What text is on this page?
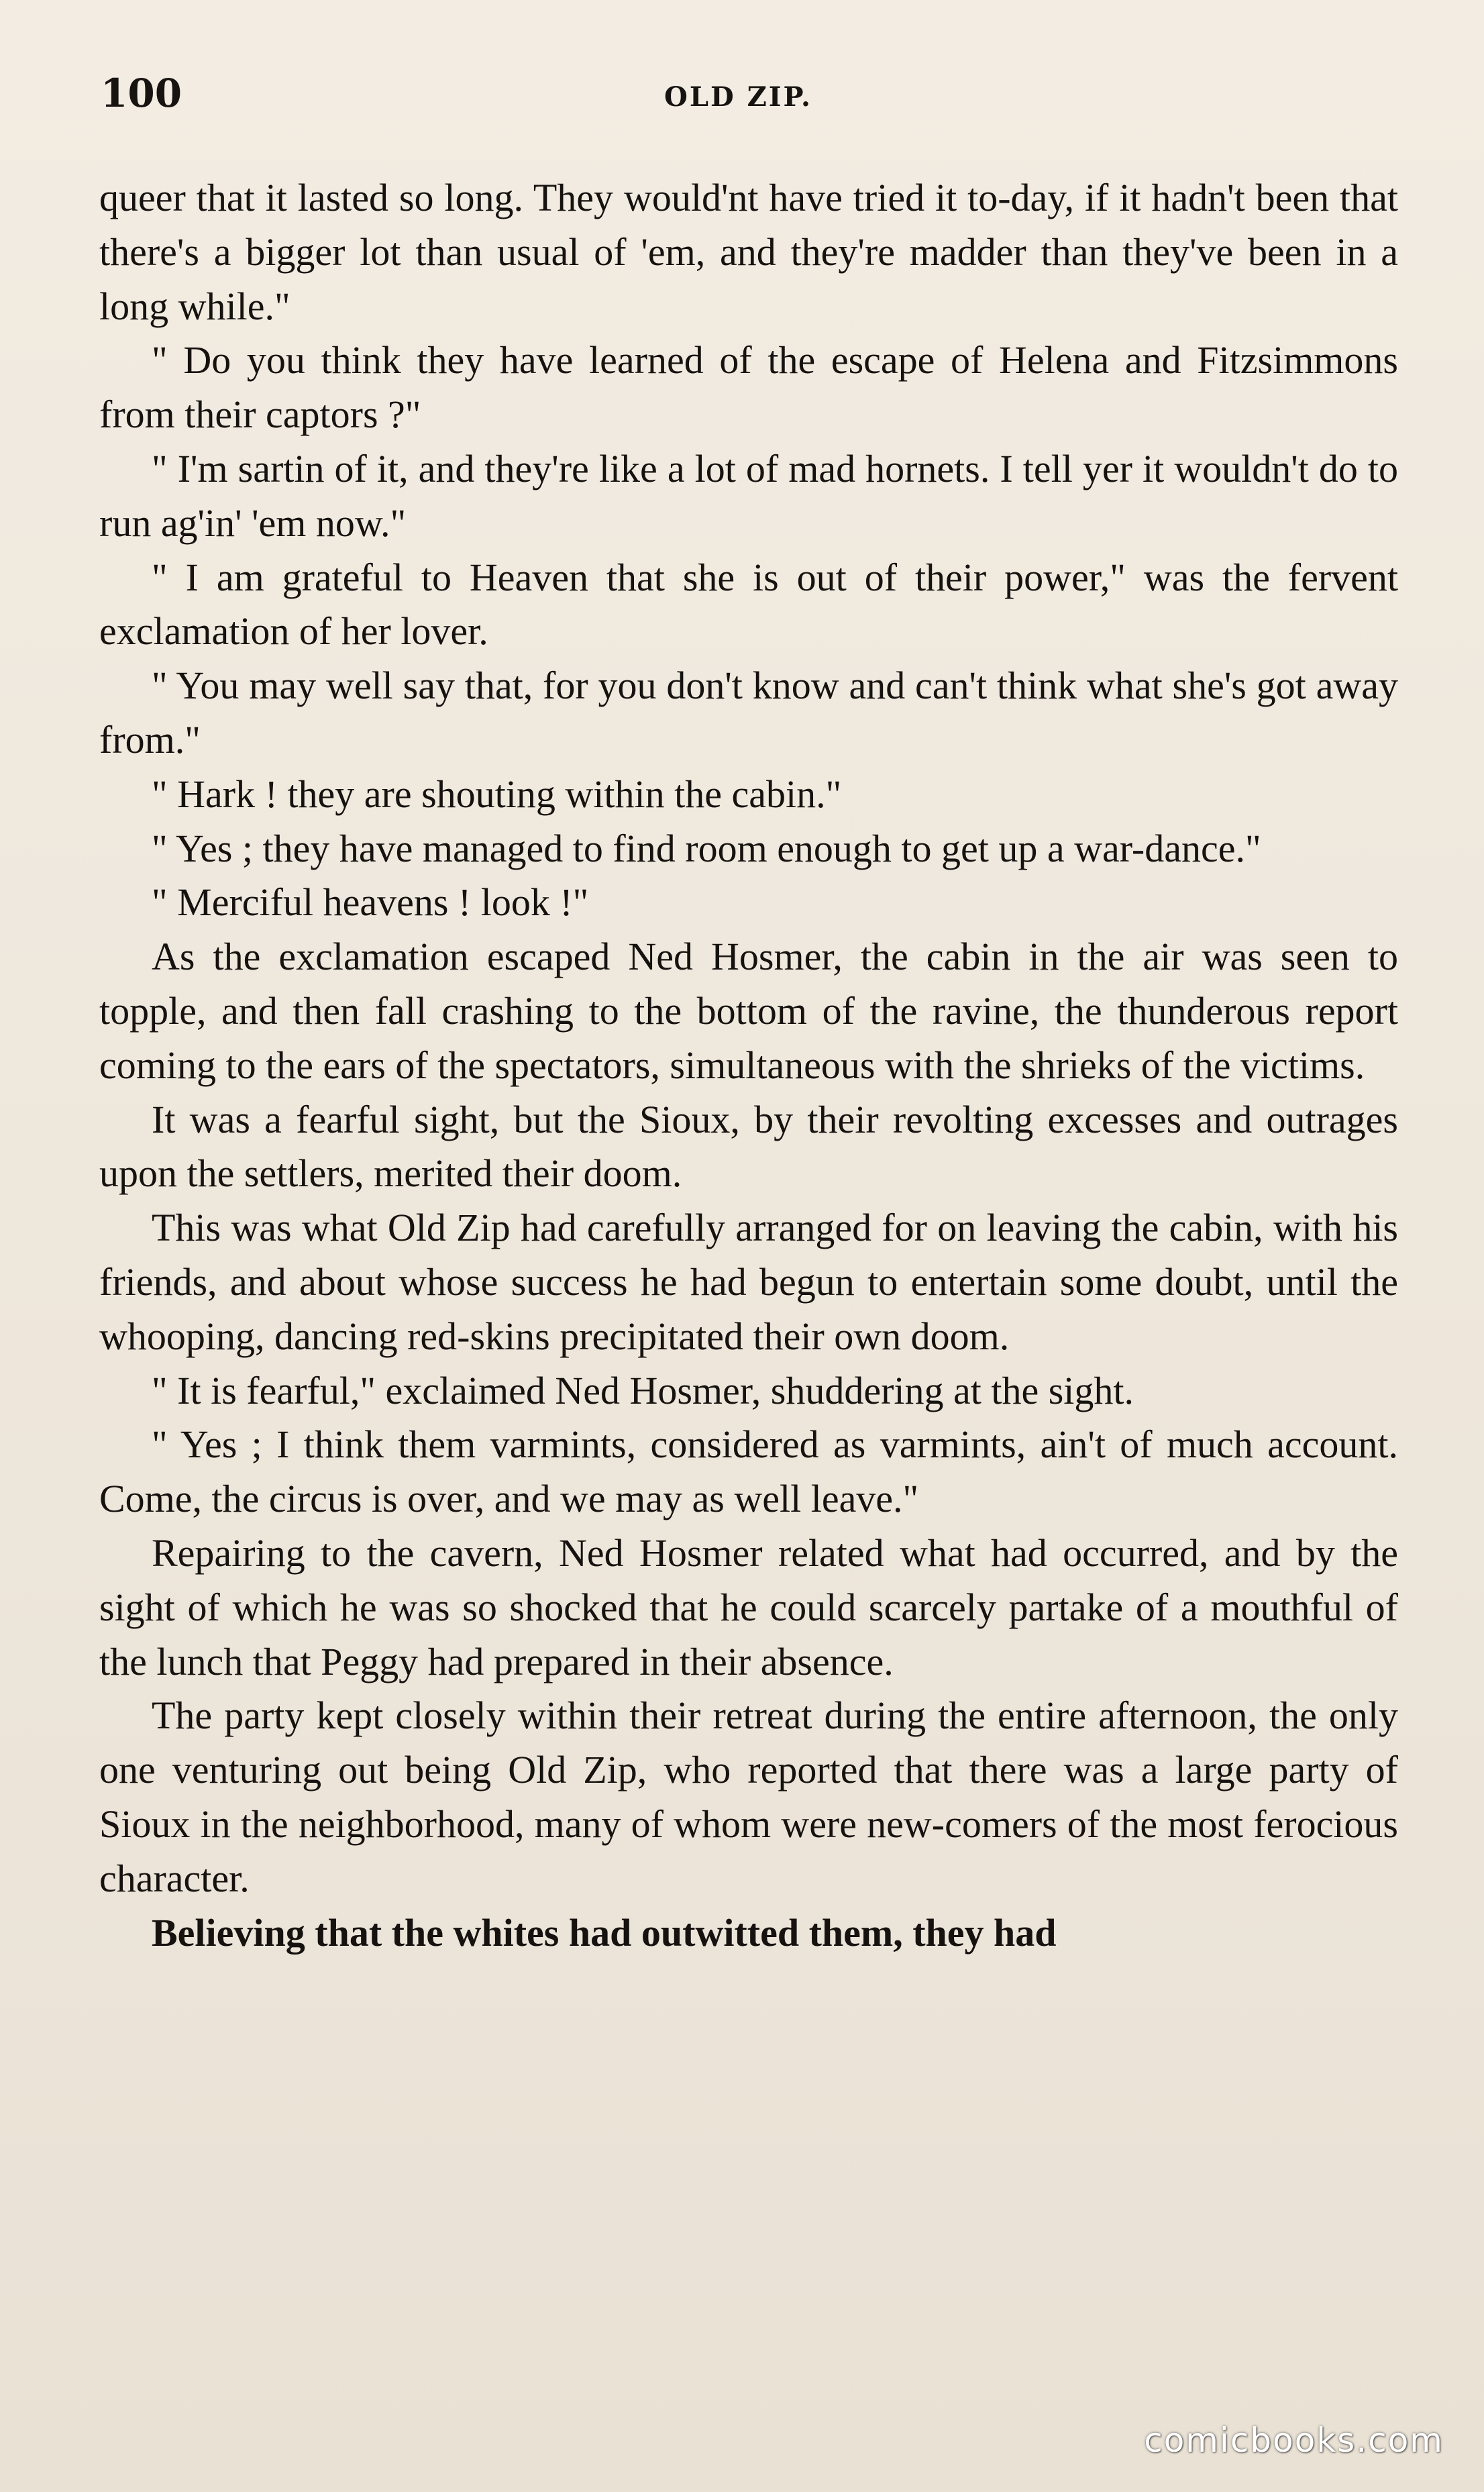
100	OLD ZIP.

queer that it lasted so long. They would'nt have tried it to-day, if it hadn't been that there's a bigger lot than usual of 'em, and they're madder than they've been in a long while."

" Do you think they have learned of the escape of Helena and Fitzsimmons from their captors ?"

" I'm sartin of it, and they're like a lot of mad hornets. I tell yer it wouldn't do to run ag'in' 'em now."

" I am grateful to Heaven that she is out of their power," was the fervent exclamation of her lover.

" You may well say that, for you don't know and can't think what she's got away from."

" Hark ! they are shouting within the cabin."

" Yes ; they have managed to find room enough to get up a war-dance."

" Merciful heavens ! look !"

As the exclamation escaped Ned Hosmer, the cabin in the air was seen to topple, and then fall crashing to the bottom of the ravine, the thunderous report coming to the ears of the spectators, simultaneous with the shrieks of the victims.

It was a fearful sight, but the Sioux, by their revolting excesses and outrages upon the settlers, merited their doom.

This was what Old Zip had carefully arranged for on leaving the cabin, with his friends, and about whose success he had begun to entertain some doubt, until the whooping, dancing red-skins precipitated their own doom.

" It is fearful," exclaimed Ned Hosmer, shuddering at the sight.

" Yes ; I think them varmints, considered as varmints, ain't of much account. Come, the circus is over, and we may as well leave."

Repairing to the cavern, Ned Hosmer related what had occurred, and by the sight of which he was so shocked that he could scarcely partake of a mouthful of the lunch that Peggy had prepared in their absence.

The party kept closely within their retreat during the entire afternoon, the only one venturing out being Old Zip, who reported that there was a large party of Sioux in the neighborhood, many of whom were new-comers of the most ferocious character.

Believing that the whites had outwitted them, they had

comicbooks.com
